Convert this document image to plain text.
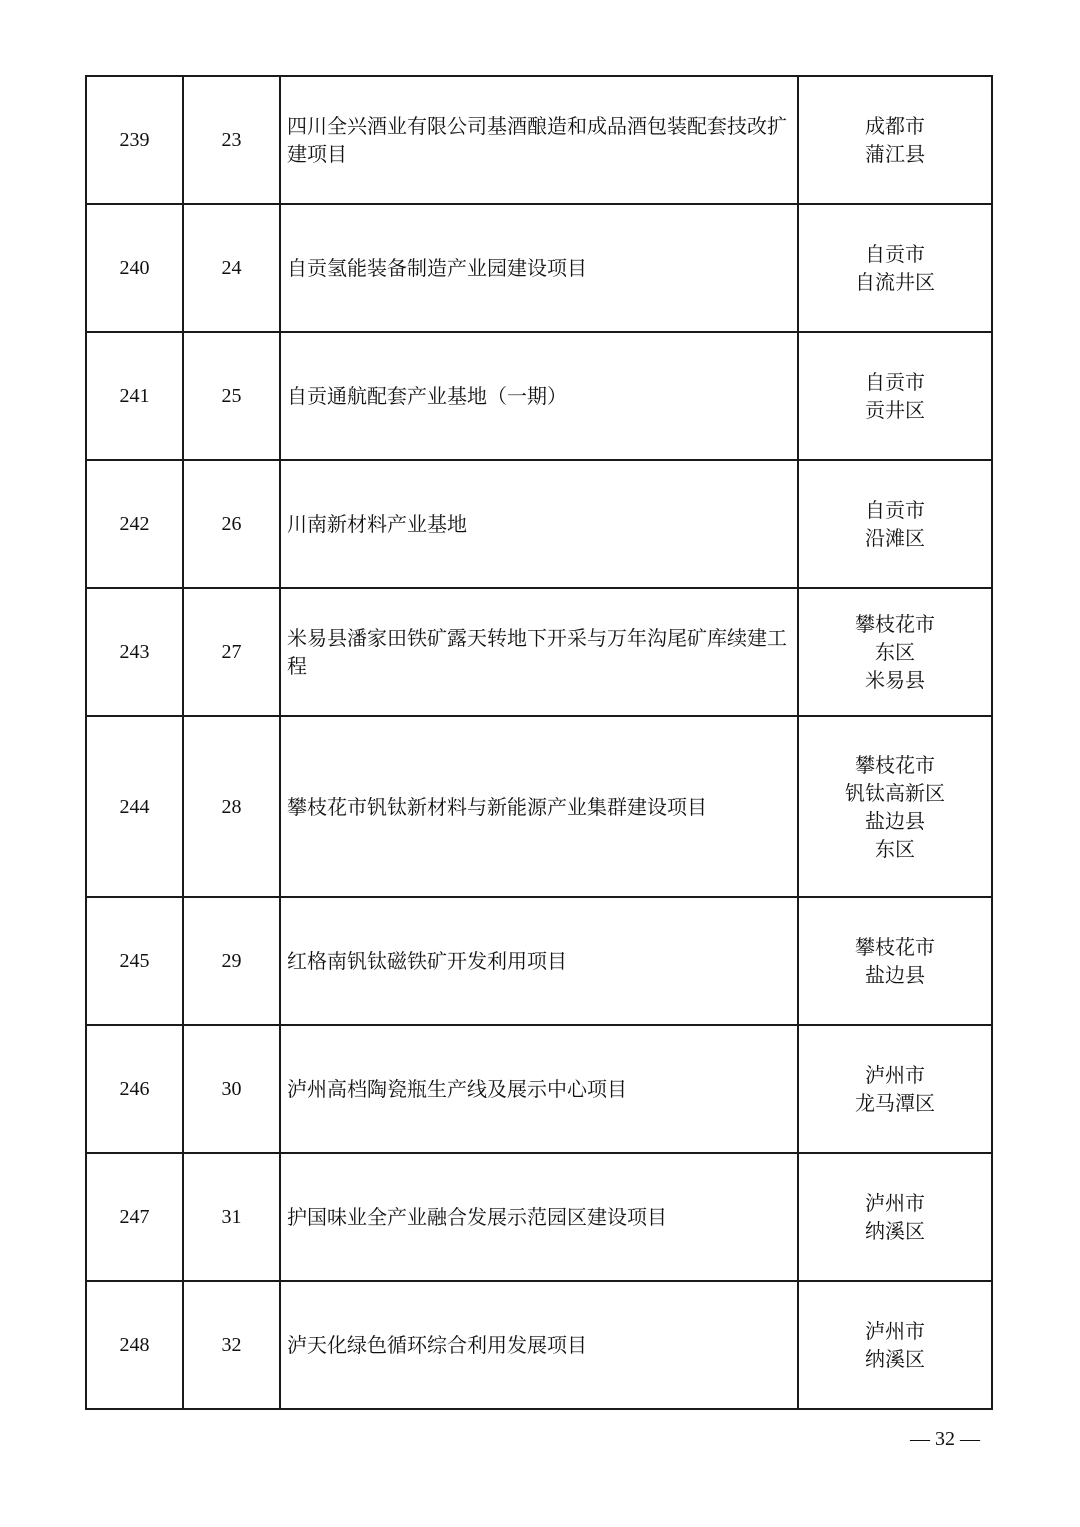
239	23	四川全兴酒业有限公司基酒酿造和成品酒包装配套技改扩建项目	成都市
蒲江县

240	24	自贡氢能装备制造产业园建设项目	自贡市
自流井区

241	25	自贡通航配套产业基地（一期）	自贡市
贡井区

242	26	川南新材料产业基地	自贡市
沿滩区

243	27	米易县潘家田铁矿露天转地下开采与万年沟尾矿库续建工程	攀枝花市
东区
米易县

244	28	攀枝花市钒钛新材料与新能源产业集群建设项目	攀枝花市
钒钛高新区
盐边县
东区

245	29	红格南钒钛磁铁矿开发利用项目	攀枝花市
盐边县

246	30	泸州高档陶瓷瓶生产线及展示中心项目	泸州市
龙马潭区

247	31	护国味业全产业融合发展示范园区建设项目	泸州市
纳溪区

248	32	泸天化绿色循环综合利用发展项目	泸州市
纳溪区
— 32 —
